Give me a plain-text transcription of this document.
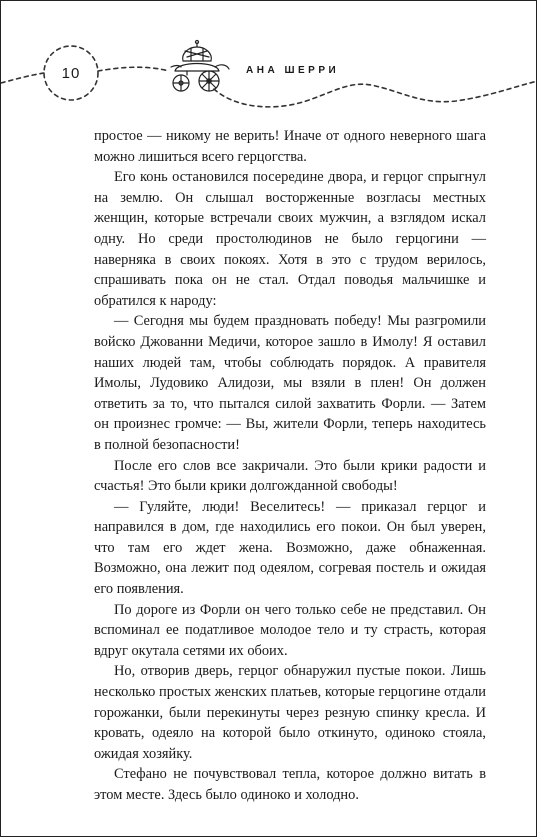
10	АНА ШЕРРИ

простое — никому не верить! Иначе от одного неверного шага можно лишиться всего герцогства.

Его конь остановился посередине двора, и герцог спрыгнул на землю. Он слышал восторженные возгласы местных женщин, которые встречали своих мужчин, а взглядом искал одну. Но среди простолюдинов не было герцогини — наверняка в своих покоях. Хотя в это с трудом верилось, спрашивать пока он не стал. Отдал поводья мальчишке и обратился к народу:

— Сегодня мы будем праздновать победу! Мы разгромили войско Джованни Медичи, которое зашло в Имолу! Я оставил наших людей там, чтобы соблюдать порядок. А правителя Имолы, Лудовико Алидози, мы взяли в плен! Он должен ответить за то, что пытался силой захватить Форли. — Затем он произнес громче: — Вы, жители Форли, теперь находитесь в полной безопасности!

После его слов все закричали. Это были крики радости и счастья! Это были крики долгожданной свободы!

— Гуляйте, люди! Веселитесь! — приказал герцог и направился в дом, где находились его покои. Он был уверен, что там его ждет жена. Возможно, даже обнаженная. Возможно, она лежит под одеялом, согревая постель и ожидая его появления.

По дороге из Форли он чего только себе не представил. Он вспоминал ее податливое молодое тело и ту страсть, которая вдруг окутала сетями их обоих.

Но, отворив дверь, герцог обнаружил пустые покои. Лишь несколько простых женских платьев, которые герцогине отдали горожанки, были перекинуты через резную спинку кресла. И кровать, одеяло на которой было откинуто, одиноко стояла, ожидая хозяйку.

Стефано не почувствовал тепла, которое должно витать в этом месте. Здесь было одиноко и холодно.
